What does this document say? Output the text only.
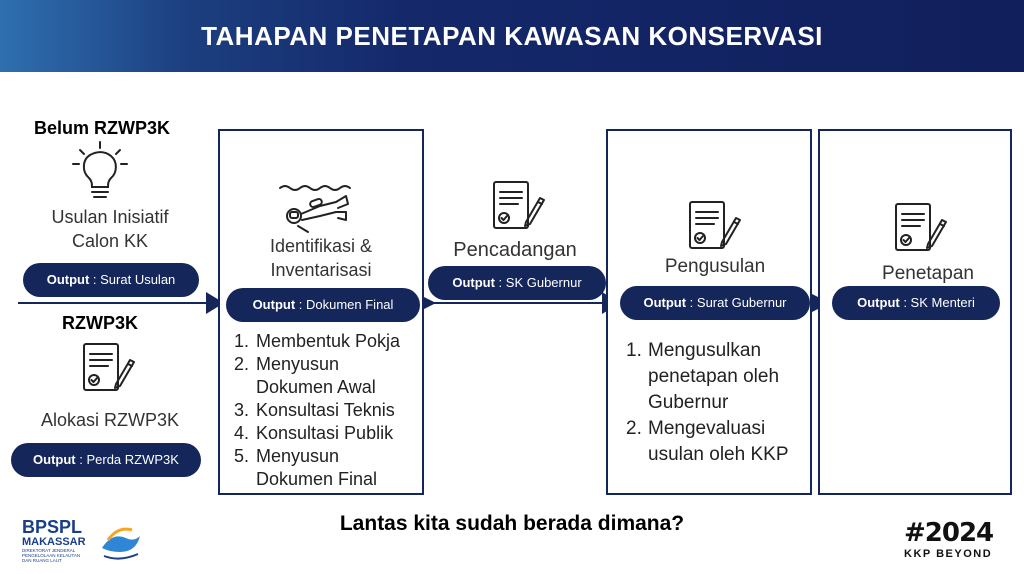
TAHAPAN PENETAPAN KAWASAN KONSERVASI
Belum RZWP3K
Usulan Inisiatif
Calon KK
Output : Surat Usulan
RZWP3K
Alokasi RZWP3K
Output : Perda RZWP3K
Identifikasi &
Inventarisasi
Output : Dokumen Final
1. Membentuk Pokja
2. Menyusun Dokumen Awal
3. Konsultasi Teknis
4. Konsultasi Publik
5. Menyusun Dokumen Final
Pencadangan
Output : SK Gubernur
Pengusulan
Output : Surat Gubernur
1. Mengusulkan penetapan oleh Gubernur
2. Mengevaluasi usulan oleh KKP
Penetapan
Output : SK Menteri
Lantas kita sudah berada dimana?
BPSPL
MAKASSAR
DIREKTORAT JENDERAL PENGELOLAAN KELAUTAN DAN RUANG LAUT
#2024
KKP BEYOND
